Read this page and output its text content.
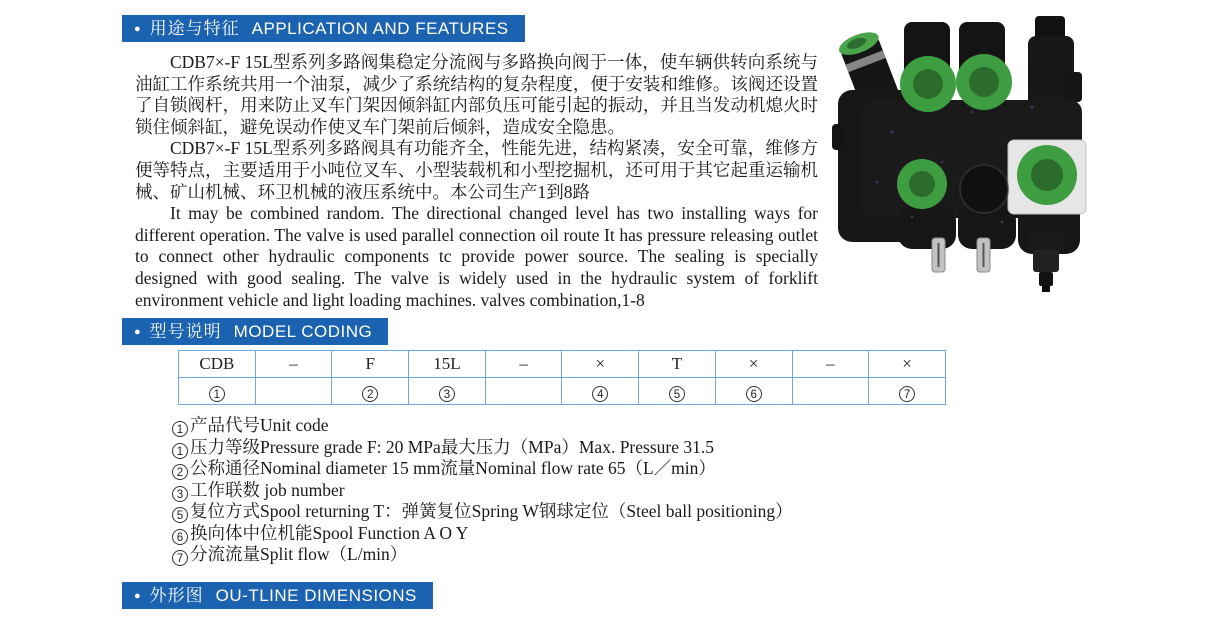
● 用途与特征 APPLICATION AND FEATURES

CDB7×-F 15L型系列多路阀集稳定分流阀与多路换向阀于一体，使车辆供转向系统与油缸工作系统共用一个油泵，减少了系统结构的复杂程度，便于安装和维修。该阀还设置了自锁阀杆，用来防止叉车门架因倾斜缸内部负压可能引起的振动，并且当发动机熄火时锁住倾斜缸，避免误动作使叉车门架前后倾斜，造成安全隐患。

CDB7×-F 15L型系列多路阀具有功能齐全，性能先进，结构紧凑，安全可靠，维修方便等特点，主要适用于小吨位叉车、小型装载机和小型挖掘机，还可用于其它起重运输机械、矿山机械、环卫机械的液压系统中。本公司生产1到8路

It may be combined random. The directional changed level has two installing ways for different operation. The valve is used parallel connection oil route It has pressure releasing outlet to connect other hydraulic components tc provide power source. The sealing is specially designed with good sealing. The valve is widely used in the hydraulic system of forklift environment vehicle and light loading machines. valves combination,1-8

● 型号说明 MODEL CODING
CDB	–	F	15L	–	×	T	×	–	×
1		2	3		4	5	6		7
1 产品代号Unit code
1 压力等级Pressure grade F: 20 MPa最大压力（MPa）Max. Pressure 31.5
2 公称通径Nominal diameter 15 mm流量Nominal flow rate 65（L／min）
3 工作联数 job number
5 复位方式Spool returning T：弹簧复位Spring W钢球定位（Steel ball positioning）
6 换向体中位机能Spool Function A O Y
7 分流流量Split flow（L/min）
● 外形图 OU-TLINE DIMENSIONS
